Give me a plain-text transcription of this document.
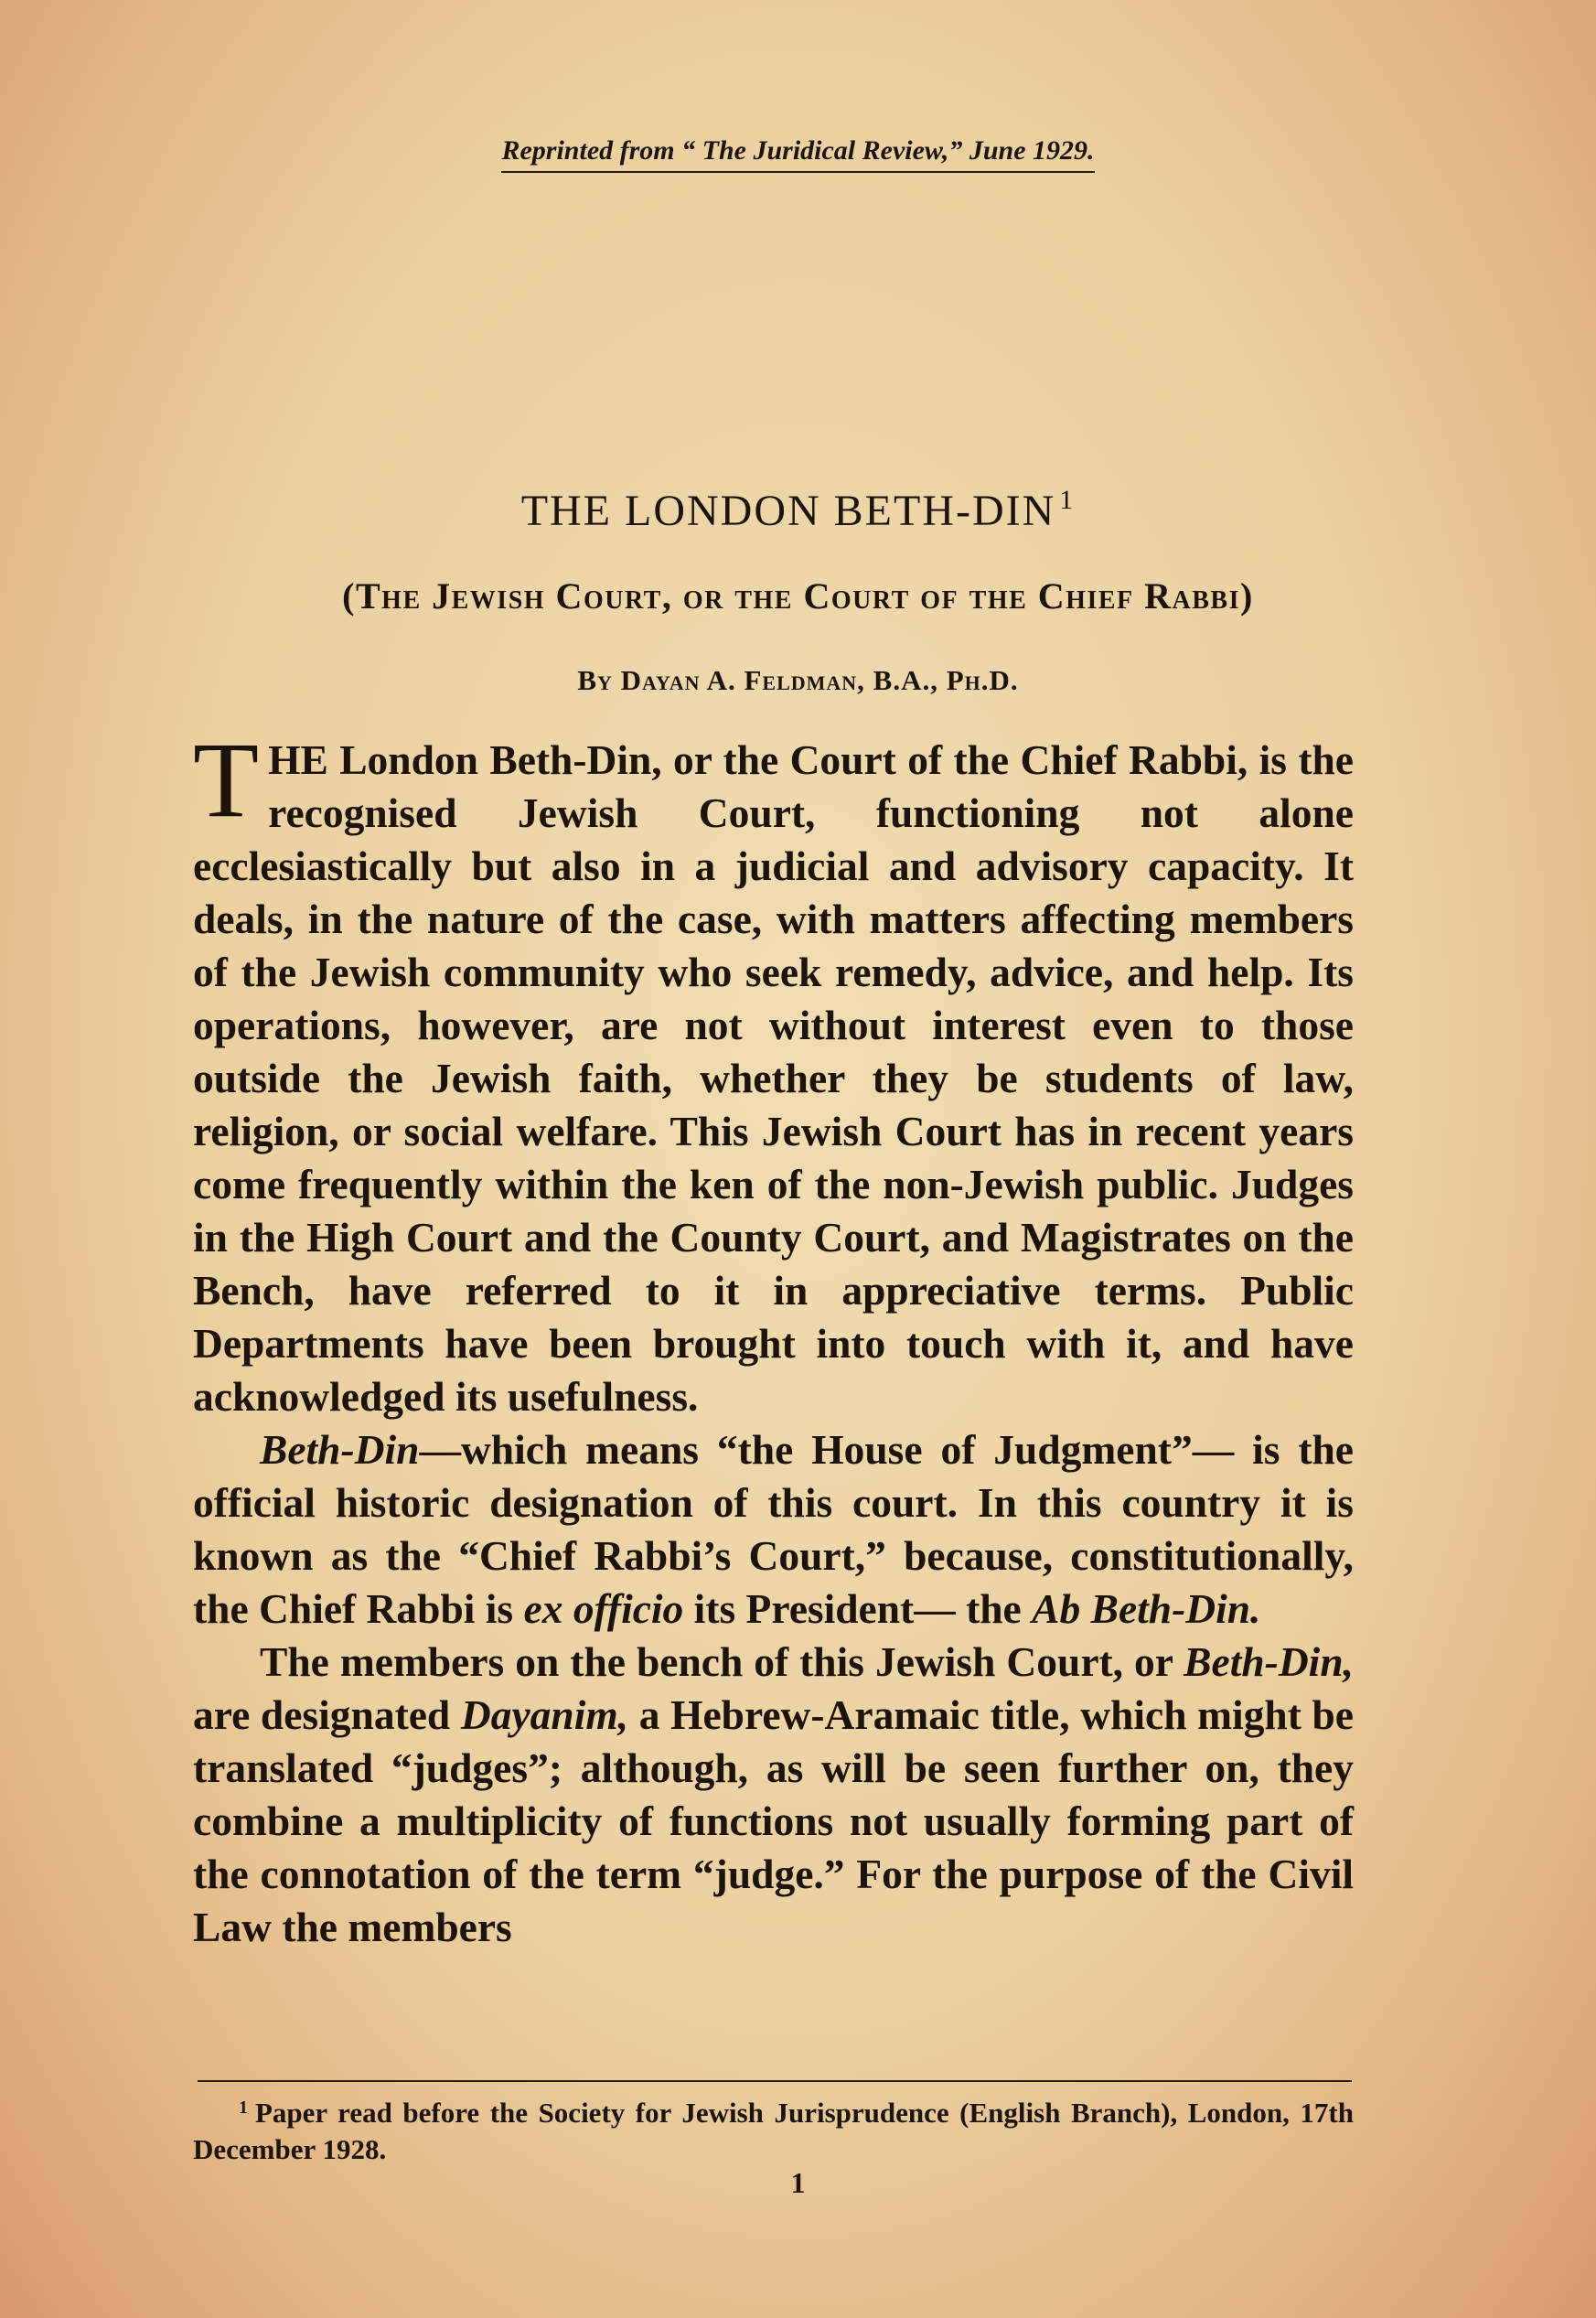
Reprinted from “ The Juridical Review,” June 1929.
THE LONDON BETH-DIN $^1$
(The Jewish Court, or the Court of the Chief Rabbi)
By Dayan A. Feldman, B.A., Ph.D.

THE London Beth-Din, or the Court of the Chief Rabbi, is the recognised Jewish Court, functioning not alone ecclesiastically but also in a judicial and advisory capacity. It deals, in the nature of the case, with matters affecting members of the Jewish community who seek remedy, advice, and help. Its operations, however, are not without interest even to those outside the Jewish faith, whether they be students of law, religion, or social welfare. This Jewish Court has in recent years come frequently within the ken of the non-Jewish public. Judges in the High Court and the County Court, and Magistrates on the Bench, have referred to it in appreciative terms. Public Departments have been brought into touch with it, and have acknowledged its usefulness.

Beth-Din—which means “the House of Judgment”— is the official historic designation of this court. In this country it is known as the “Chief Rabbi’s Court,” because, constitutionally, the Chief Rabbi is ex officio its President— the Ab Beth-Din.

The members on the bench of this Jewish Court, or Beth-Din, are designated Dayanim, a Hebrew-Aramaic title, which might be translated “judges”; although, as will be seen further on, they combine a multiplicity of functions not usually forming part of the connotation of the term “judge.” For the purpose of the Civil Law the members

$^1$ Paper read before the Society for Jewish Jurisprudence (English Branch), London, 17th December 1928.

1
